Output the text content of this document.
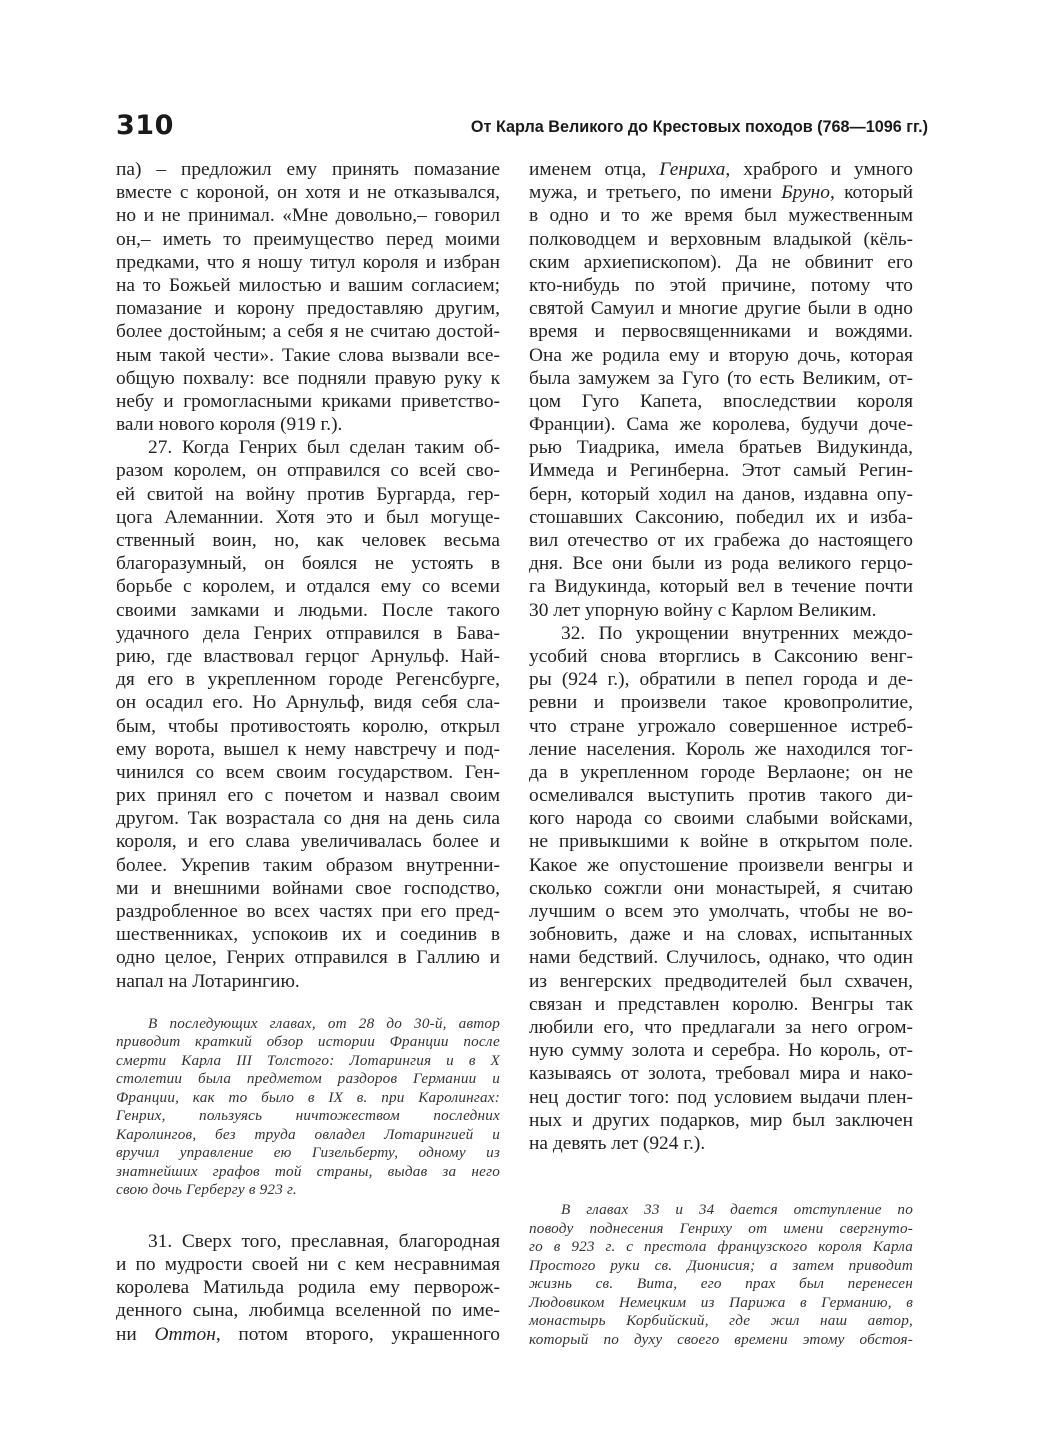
310	От Карла Великого до Крестовых походов (768—1096 гг.)
па) – предложил ему принять помазание
вместе с короной, он хотя и не отказывался,
но и не принимал. «Мне довольно,– говорил
он,– иметь то преимущество перед моими
предками, что я ношу титул короля и избран
на то Божьей милостью и вашим согласием;
помазание и корону предоставляю другим,
более достойным; а себя я не считаю достой-
ным такой чести». Такие слова вызвали все-
общую похвалу: все подняли правую руку к
небу и громогласными криками приветство-
вали нового короля (919 г.).
27. Когда Генрих был сделан таким об-
разом королем, он отправился со всей сво-
ей свитой на войну против Бургарда, гер-
цога Алеманнии. Хотя это и был могуще-
ственный воин, но, как человек весьма
благоразумный, он боялся не устоять в
борьбе с королем, и отдался ему со всеми
своими замками и людьми. После такого
удачного дела Генрих отправился в Бава-
рию, где властвовал герцог Арнульф. Най-
дя его в укрепленном городе Регенсбурге,
он осадил его. Но Арнульф, видя себя сла-
бым, чтобы противостоять королю, открыл
ему ворота, вышел к нему навстречу и под-
чинился со всем своим государством. Ген-
рих принял его с почетом и назвал своим
другом. Так возрастала со дня на день сила
короля, и его слава увеличивалась более и
более. Укрепив таким образом внутренни-
ми и внешними войнами свое господство,
раздробленное во всех частях при его пред-
шественниках, успокоив их и соединив в
одно целое, Генрих отправился в Галлию и
напал на Лотарингию.
В последующих главах, от 28 до 30-й, автор
приводит краткий обзор истории Франции после
смерти Карла III Толстого: Лотарингия и в X
столетии была предметом раздоров Германии и
Франции, как то было в IX в. при Каролингах:
Генрих, пользуясь ничтожеством последних
Каролингов, без труда овладел Лотарингией и
вручил управление ею Гизельберту, одному из
знатнейших графов той страны, выдав за него
свою дочь Гербергу в 923 г.
31. Сверх того, преславная, благородная
и по мудрости своей ни с кем несравнимая
королева Матильда родила ему перворож-
денного сына, любимца вселенной по име-
ни Оттон, потом второго, украшенного
именем отца, Генриха, храброго и умного
мужа, и третьего, по имени Бруно, который
в одно и то же время был мужественным
полководцем и верховным владыкой (кёль-
ским архиепископом). Да не обвинит его
кто-нибудь по этой причине, потому что
святой Самуил и многие другие были в одно
время и первосвященниками и вождями.
Она же родила ему и вторую дочь, которая
была замужем за Гуго (то есть Великим, от-
цом Гуго Капета, впоследствии короля
Франции). Сама же королева, будучи доче-
рью Тиадрика, имела братьев Видукинда,
Иммеда и Регинберна. Этот самый Регин-
берн, который ходил на данов, издавна опу-
стошавших Саксонию, победил их и изба-
вил отечество от их грабежа до настоящего
дня. Все они были из рода великого герцо-
га Видукинда, который вел в течение почти
30 лет упорную войну с Карлом Великим.
32. По укрощении внутренних междо-
усобий снова вторглись в Саксонию венг-
ры (924 г.), обратили в пепел города и де-
ревни и произвели такое кровопролитие,
что стране угрожало совершенное истреб-
ление населения. Король же находился тог-
да в укрепленном городе Верлаоне; он не
осмеливался выступить против такого ди-
кого народа со своими слабыми войсками,
не привыкшими к войне в открытом поле.
Какое же опустошение произвели венгры и
сколько сожгли они монастырей, я считаю
лучшим о всем это умолчать, чтобы не во-
зобновить, даже и на словах, испытанных
нами бедствий. Случилось, однако, что один
из венгерских предводителей был схвачен,
связан и представлен королю. Венгры так
любили его, что предлагали за него огром-
ную сумму золота и серебра. Но король, от-
казываясь от золота, требовал мира и нако-
нец достиг того: под условием выдачи плен-
ных и других подарков, мир был заключен
на девять лет (924 г.).
В главах 33 и 34 дается отступление по
поводу поднесения Генриху от имени свергнуто-
го в 923 г. с престола французского короля Карла
Простого руки св. Дионисия; а затем приводит
жизнь св. Вита, его прах был перенесен
Людовиком Немецким из Парижа в Германию, в
монастырь Корбийский, где жил наш автор,
который по духу своего времени этому обстоя-
